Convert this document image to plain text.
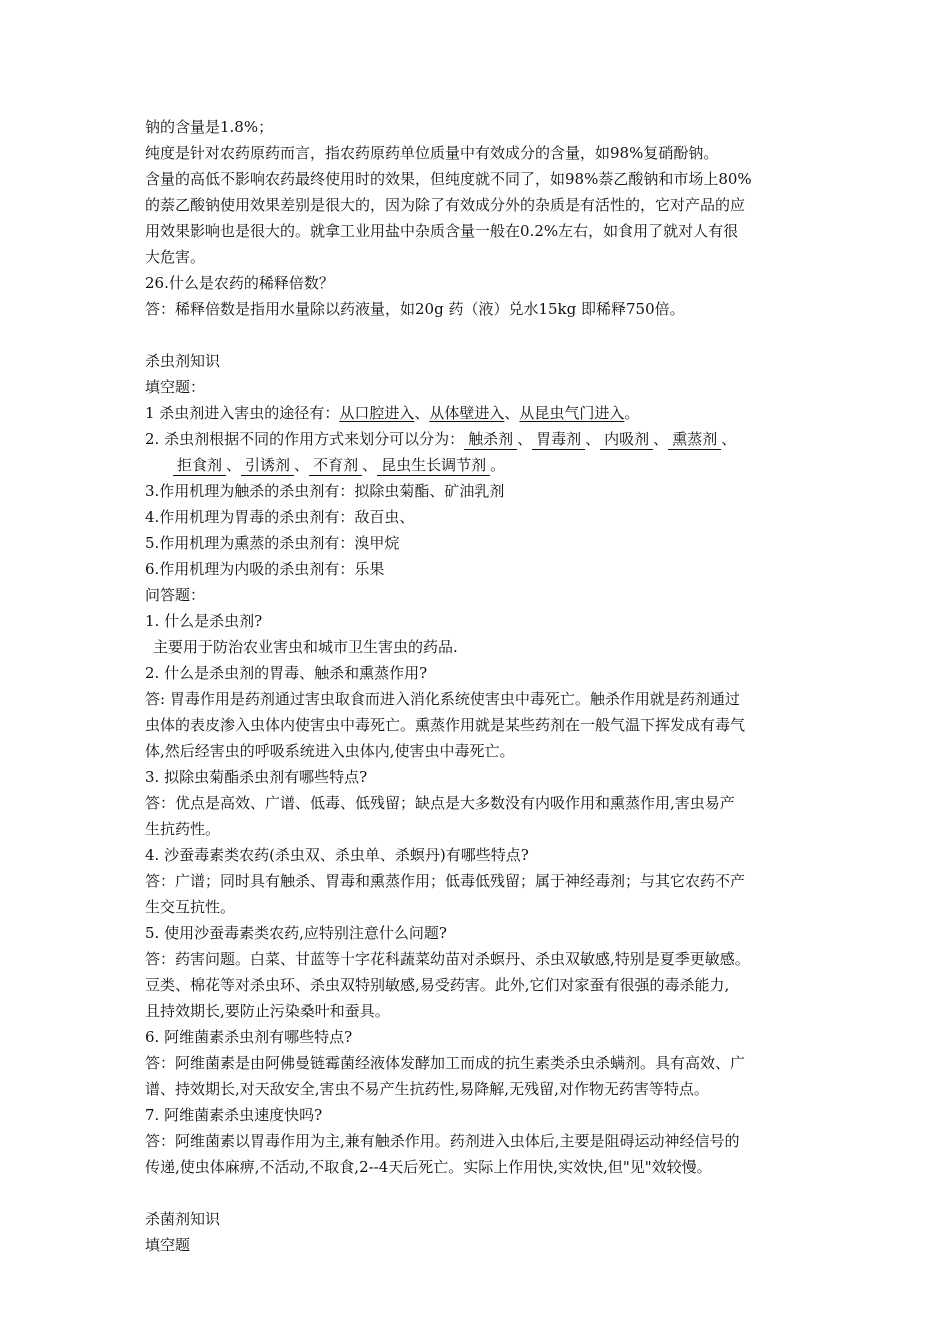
钠的含量是1.8%；

纯度是针对农药原药而言，指农药原药单位质量中有效成分的含量，如98%复硝酚钠。

含量的高低不影响农药最终使用时的效果，但纯度就不同了，如98%萘乙酸钠和市场上80%

的萘乙酸钠使用效果差别是很大的，因为除了有效成分外的杂质是有活性的，它对产品的应

用效果影响也是很大的。就拿工业用盐中杂质含量一般在0.2%左右，如食用了就对人有很

大危害。

26.什么是农药的稀释倍数？

答：稀释倍数是指用水量除以药液量，如20g 药（液）兑水15kg 即稀释750倍。

杀虫剂知识

填空题：

1 杀虫剂进入害虫的途径有：从口腔进入、从体壁进入、从昆虫气门进入。

2. 杀虫剂根据不同的作用方式来划分可以分为： 触杀剂 、 胃毒剂 、 内吸剂 、 熏蒸剂 、

拒食剂 、 引诱剂 、 不育剂 、 昆虫生长调节剂 。

3.作用机理为触杀的杀虫剂有：拟除虫菊酯、矿油乳剂

4.作用机理为胃毒的杀虫剂有：敌百虫、

5.作用机理为熏蒸的杀虫剂有：溴甲烷

6.作用机理为内吸的杀虫剂有：乐果

问答题：

1. 什么是杀虫剂?

主要用于防治农业害虫和城市卫生害虫的药品.

2. 什么是杀虫剂的胃毒、触杀和熏蒸作用?

答: 胃毒作用是药剂通过害虫取食而进入消化系统使害虫中毒死亡。触杀作用就是药剂通过

虫体的表皮渗入虫体内使害虫中毒死亡。熏蒸作用就是某些药剂在一般气温下挥发成有毒气

体,然后经害虫的呼吸系统进入虫体内,使害虫中毒死亡。

3. 拟除虫菊酯杀虫剂有哪些特点?

答：优点是高效、广谱、低毒、低残留；缺点是大多数没有内吸作用和熏蒸作用,害虫易产

生抗药性。

4. 沙蚕毒素类农药(杀虫双、杀虫单、杀螟丹)有哪些特点?

答：广谱；同时具有触杀、胃毒和熏蒸作用；低毒低残留；属于神经毒剂；与其它农药不产

生交互抗性。

5. 使用沙蚕毒素类农药,应特别注意什么问题?

答：药害问题。白菜、甘蓝等十字花科蔬菜幼苗对杀螟丹、杀虫双敏感,特别是夏季更敏感。

豆类、棉花等对杀虫环、杀虫双特别敏感,易受药害。此外,它们对家蚕有很强的毒杀能力,

且持效期长,要防止污染桑叶和蚕具。

6. 阿维菌素杀虫剂有哪些特点?

答：阿维菌素是由阿佛曼链霉菌经液体发酵加工而成的抗生素类杀虫杀螨剂。具有高效、广

谱、持效期长,对天敌安全,害虫不易产生抗药性,易降解,无残留,对作物无药害等特点。

7. 阿维菌素杀虫速度快吗?

答：阿维菌素以胃毒作用为主,兼有触杀作用。药剂进入虫体后,主要是阻碍运动神经信号的

传递,使虫体麻痹,不活动,不取食,2--4天后死亡。实际上作用快,实效快,但"见"效较慢。

杀菌剂知识

填空题
